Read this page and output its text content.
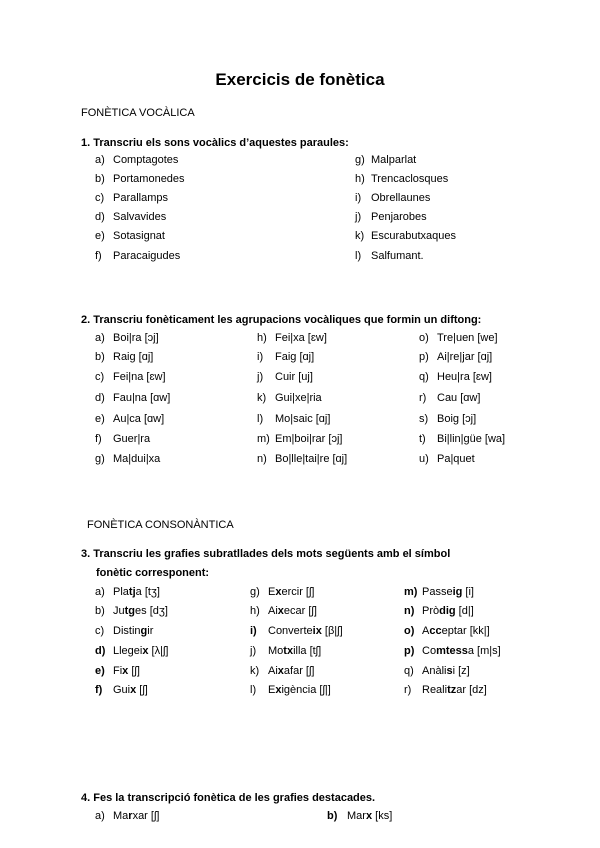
Exercicis de fonètica
FONÈTICA VOCÀLICA
1. Transcriu els sons vocàlics d’aquestes paraules:
a) Comptagotes
b) Portamonedes
c) Parallamps
d) Salvavides
e) Sotasignat
f) Paracaigudes
g) Malparlat
h) Trencaclosques
i) Obrellaunes
j) Penjarobes
k) Escurabutxaques
l) Salfumant.
2. Transcriu fonèticament les agrupacions vocàliques que formin un diftong:
a) Boi|ra [ɔj]
b) Raig [ɑj]
c) Fei|na [ɛw]
d) Fau|na [ɑw]
e) Au|ca [ɑw]
f) Guer|ra
g) Ma|dui|xa
h) Fei|xa [ɛw]
i) Faig [ɑj]
j) Cuir [uj]
k) Gui|xe|ria
l) Mo|saic [ɑj]
m) Em|boi|rar [ɔj]
n) Bo|lle|tai|re [ɑj]
o) Tre|uen [we]
p) Ai|re|jar [ɑj]
q) Heu|ra [ɛw]
r) Cau [ɑw]
s) Boig [ɔj]
t) Bi|lin|güe [wa]
u) Pa|quet
FONÈTICA CONSONÀNTICA
3. Transcriu les grafies subratllades dels mots següents amb el símbol
fonètic corresponent:
a) Platja [tʒ]
b) Jutges [dʒ]
c) Distingir
d) Llegeix [λ|ʃ]
e) Fix [ʃ]
f) Guix [ʃ]
g) Exercir [ʃ]
h) Aixecar [ʃ]
i) Converteix [β|ʃ]
j) Motxilla [tʃ]
k) Aixafar [ʃ]
l) Exigència [ʃ|]
m) Passeig [i]
n) Pròdig [d|]
o) Acceptar [kk|]
p) Comtessa [m|s]
q) Anàlisi [z]
r) Realitzar [dz]
4. Fes la transcripció fonètica de les grafies destacades.
a) Marxar [ʃ]	b) Marx [ks]
